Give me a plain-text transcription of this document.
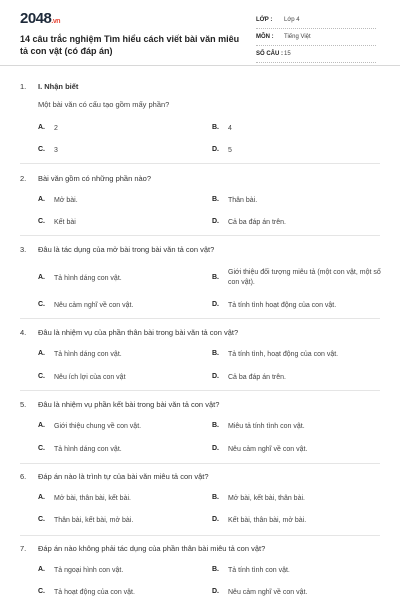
2048.vn
14 câu trắc nghiệm Tìm hiểu cách viết bài văn miêu tả con vật (có đáp án)
LỚP : Lớp 4
MÔN : Tiếng Việt
SỐ CÂU : 15
1. I. Nhận biết
Một bài văn có cấu tạo gồm mấy phần?
A. 2	B. 4
C. 3	D. 5
2. Bài văn gồm có những phần nào?
A. Mở bài.	B. Thân bài.
C. Kết bài	D. Cả ba đáp án trên.
3. Đâu là tác dụng của mở bài trong bài văn tả con vật?
A. Tả hình dáng con vật.	B.
Giới thiệu đối tượng miêu tả (một con vật, một số con vật).
C. Nêu cảm nghĩ về con vật.	D. Tả tính tình hoạt động của con vật.
4. Đâu là nhiệm vụ của phần thân bài trong bài văn tả con vật?
A. Tả hình dáng con vật.	B. Tả tính tình, hoạt động của con vật.
C. Nêu ích lợi của con vật	D. Cả ba đáp án trên.
5. Đâu là nhiệm vụ phần kết bài trong bài văn tả con vật?
A. Giới thiệu chung về con vật.	B. Miêu tả tính tình con vật.
C. Tả hình dáng con vật.	D. Nêu cảm nghĩ về con vật.
6. Đáp án nào là trình tự của bài văn miêu tả con vật?
A. Mở bài, thân bài, kết bài.	B. Mở bài, kết bài, thân bài.
C. Thân bài, kết bài, mở bài.	D. Kết bài, thân bài, mở bài.
7. Đáp án nào không phải tác dụng của phần thân bài miêu tả con vật?
A. Tả ngoại hình con vật.	B. Tả tính tình con vật.
C. Tả hoạt động của con vật.	D. Nêu cảm nghĩ về con vật.
